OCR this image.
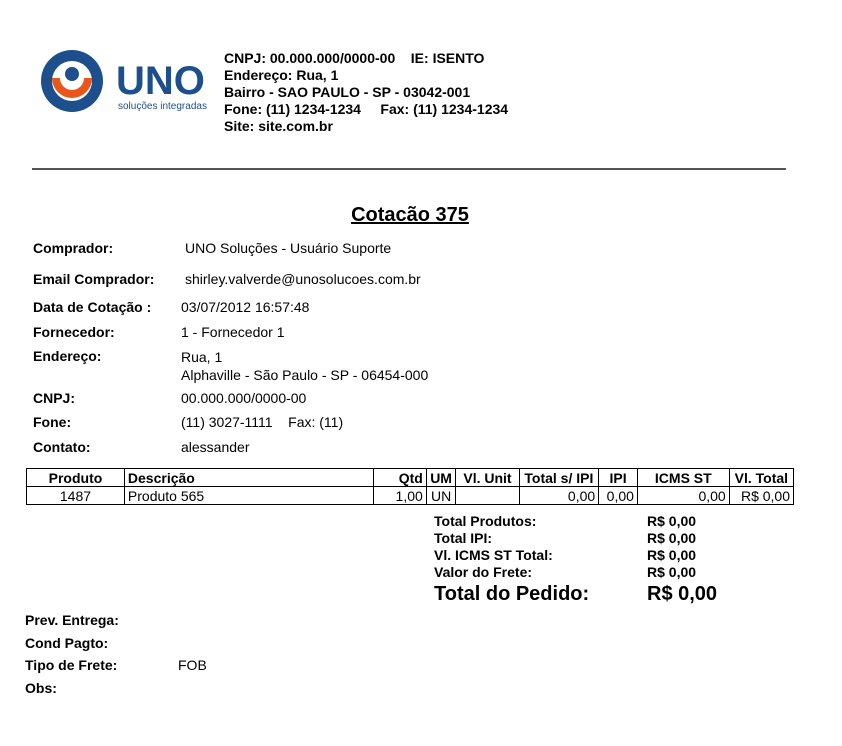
UNO
soluções integradas
CNPJ: 00.000.000/0000-00    IE: ISENTO
Endereço: Rua, 1
Bairro - SAO PAULO - SP - 03042-001
Fone: (11) 1234-1234     Fax: (11) 1234-1234
Site: site.com.br
Cotacão 375
Comprador:	UNO Soluções - Usuário Suporte
Email Comprador: shirley.valverde@unosolucoes.com.br
Data de Cotação : 03/07/2012 16:57:48
Fornecedor:	1 - Fornecedor 1
Endereço:	Rua, 1
Alphaville - São Paulo - SP - 06454-000
CNPJ:	00.000.000/0000-00
Fone:	(11) 3027-1111    Fax: (11)
Contato:	alessander
Produto	Descrição	Qtd	UM	Vl. Unit	Total s/ IPI	IPI	ICMS ST	Vl. Total
1487	Produto 565	1,00	UN		0,00	0,00	0,00	R$ 0,00
Total Produtos:	R$ 0,00
Total IPI:	R$ 0,00
Vl. ICMS ST Total:	R$ 0,00
Valor do Frete:	R$ 0,00
Total do Pedido:	R$ 0,00
Prev. Entrega:
Cond Pagto:
Tipo de Frete:	FOB
Obs:
